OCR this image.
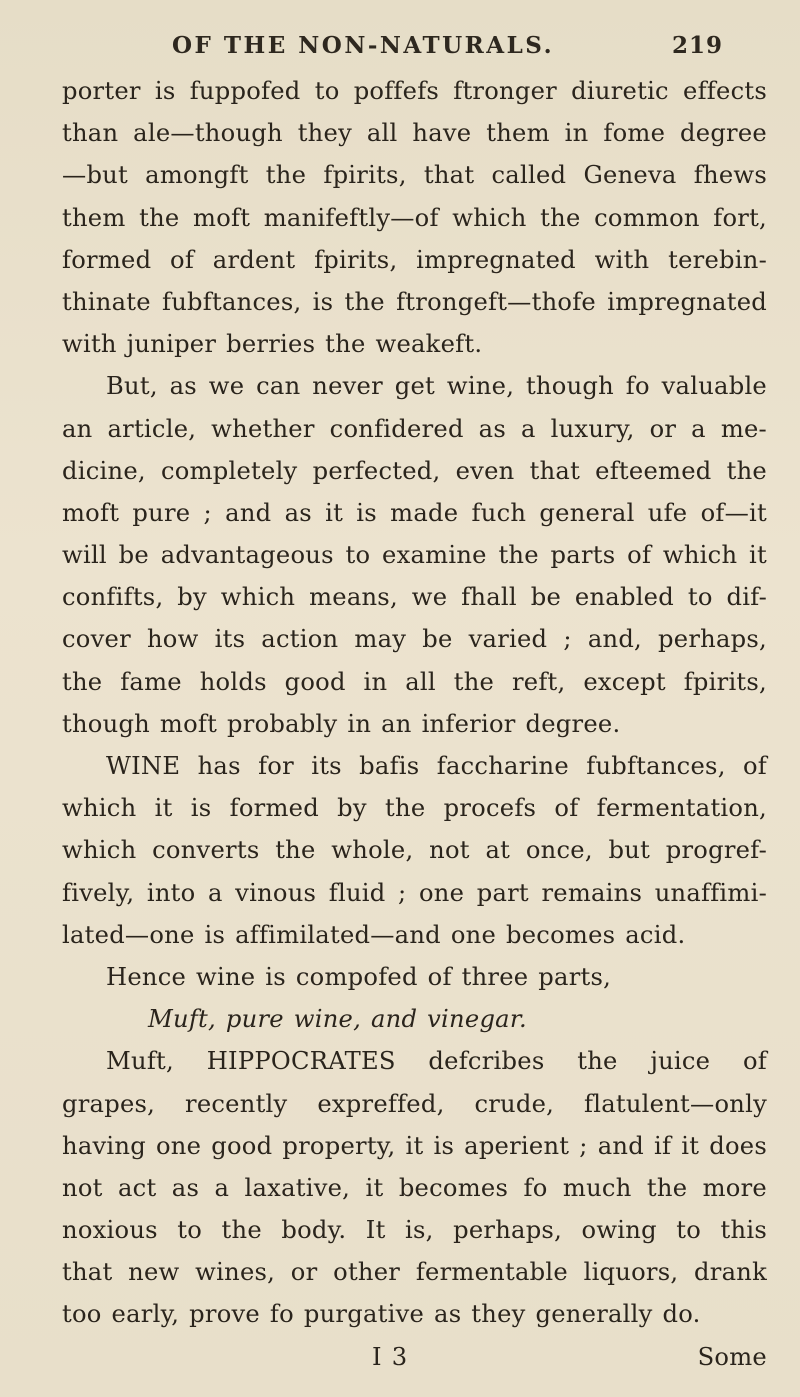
OF THE NON-NATURALS.	219
porter is fuppofed to poffefs ftronger diuretic effects
than ale—though they all have them in fome degree
—but amongft the fpirits, that called Geneva fhews
them the moft manifeftly—of which the common fort,
formed of ardent fpirits, impregnated with terebin-
thinate fubftances, is the ftrongeft—thofe impregnated
with juniper berries the weakeft.
But, as we can never get wine, though fo valuable
an article, whether confidered as a luxury, or a me-
dicine, completely perfected, even that efteemed the
moft pure ; and as it is made fuch general ufe of—it
will be advantageous to examine the parts of which it
confifts, by which means, we fhall be enabled to dif-
cover how its action may be varied ; and, perhaps,
the fame holds good in all the reft, except fpirits,
though moft probably in an inferior degree.
WINE has for its bafis faccharine fubftances, of
which it is formed by the procefs of fermentation,
which converts the whole, not at once, but progref-
fively, into a vinous fluid ; one part remains unaffimi-
lated—one is affimilated—and one becomes acid.
Hence wine is compofed of three parts,
Muft, pure wine, and vinegar.
Muft, HIPPOCRATES defcribes the juice of
grapes, recently expreffed, crude, flatulent—only
having one good property, it is aperient ; and if it does
not act as a laxative, it becomes fo much the more
noxious to the body. It is, perhaps, owing to this
that new wines, or other fermentable liquors, drank
too early, prove fo purgative as they generally do.
I 3	Some
